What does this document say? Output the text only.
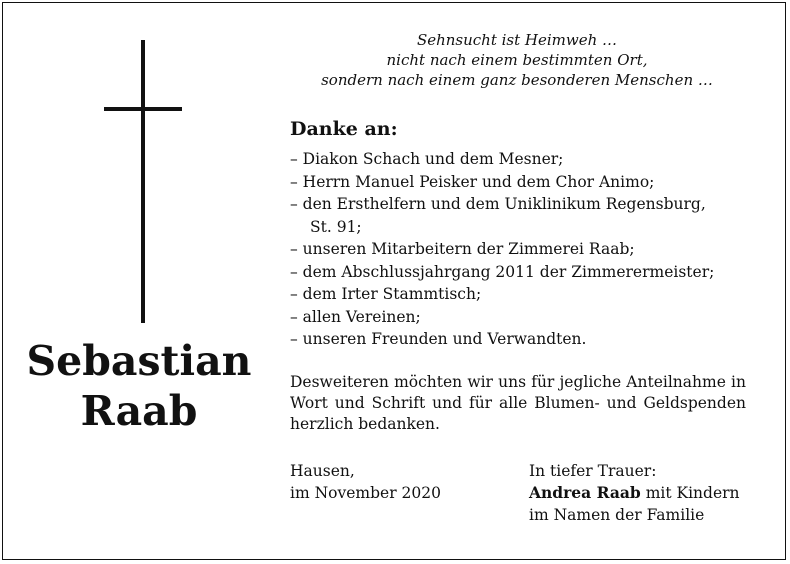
Sebastian
Raab
Sehnsucht ist Heimweh …
nicht nach einem bestimmten Ort,
sondern nach einem ganz besonderen Menschen …
Danke an:
– Diakon Schach und dem Mesner;
– Herrn Manuel Peisker und dem Chor Animo;
– den Ersthelfern und dem Uniklinikum Regensburg,
St. 91;
– unseren Mitarbeitern der Zimmerei Raab;
– dem Abschlussjahrgang 2011 der Zimmerermeister;
– dem Irter Stammtisch;
– allen Vereinen;
– unseren Freunden und Verwandten.
Desweiteren möchten wir uns für jegliche Anteilnahme in Wort und Schrift und für alle Blumen- und Geldspenden herzlich bedanken.
Hausen,
im November 2020
In tiefer Trauer:
Andrea Raab mit Kindern
im Namen der Familie
